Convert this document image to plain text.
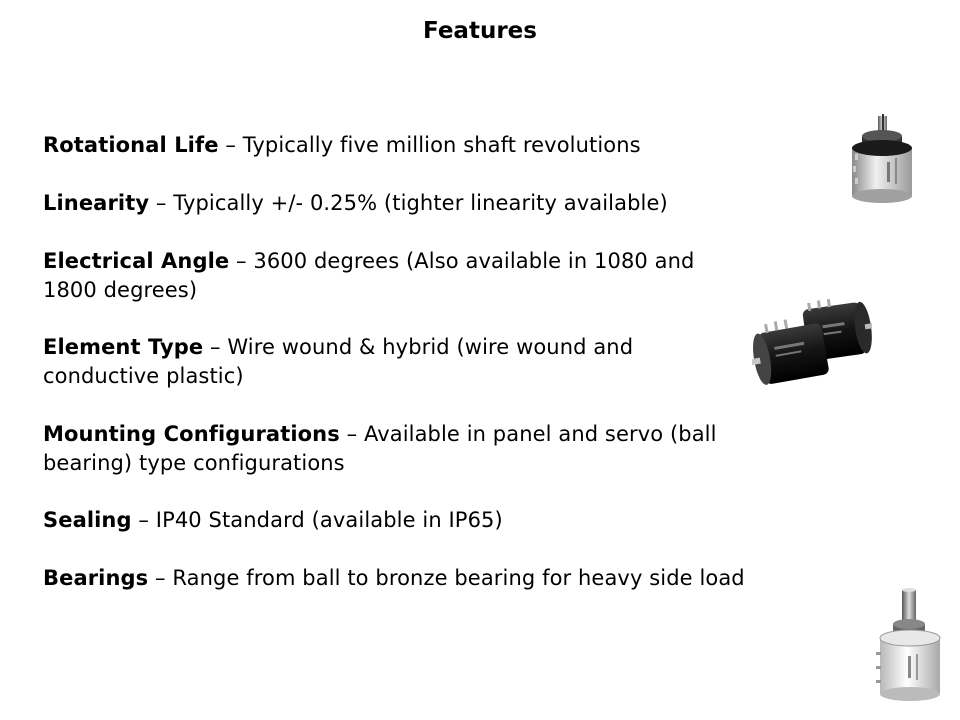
Features

Rotational Life – Typically five million shaft revolutions

Linearity – Typically +/- 0.25% (tighter linearity available)

Electrical Angle – 3600 degrees (Also available in 1080 and
1800 degrees)

Element Type – Wire wound & hybrid (wire wound and
conductive plastic)

Mounting Configurations – Available in panel and servo (ball
bearing) type configurations

Sealing – IP40 Standard (available in IP65)

Bearings – Range from ball to bronze bearing for heavy side load
